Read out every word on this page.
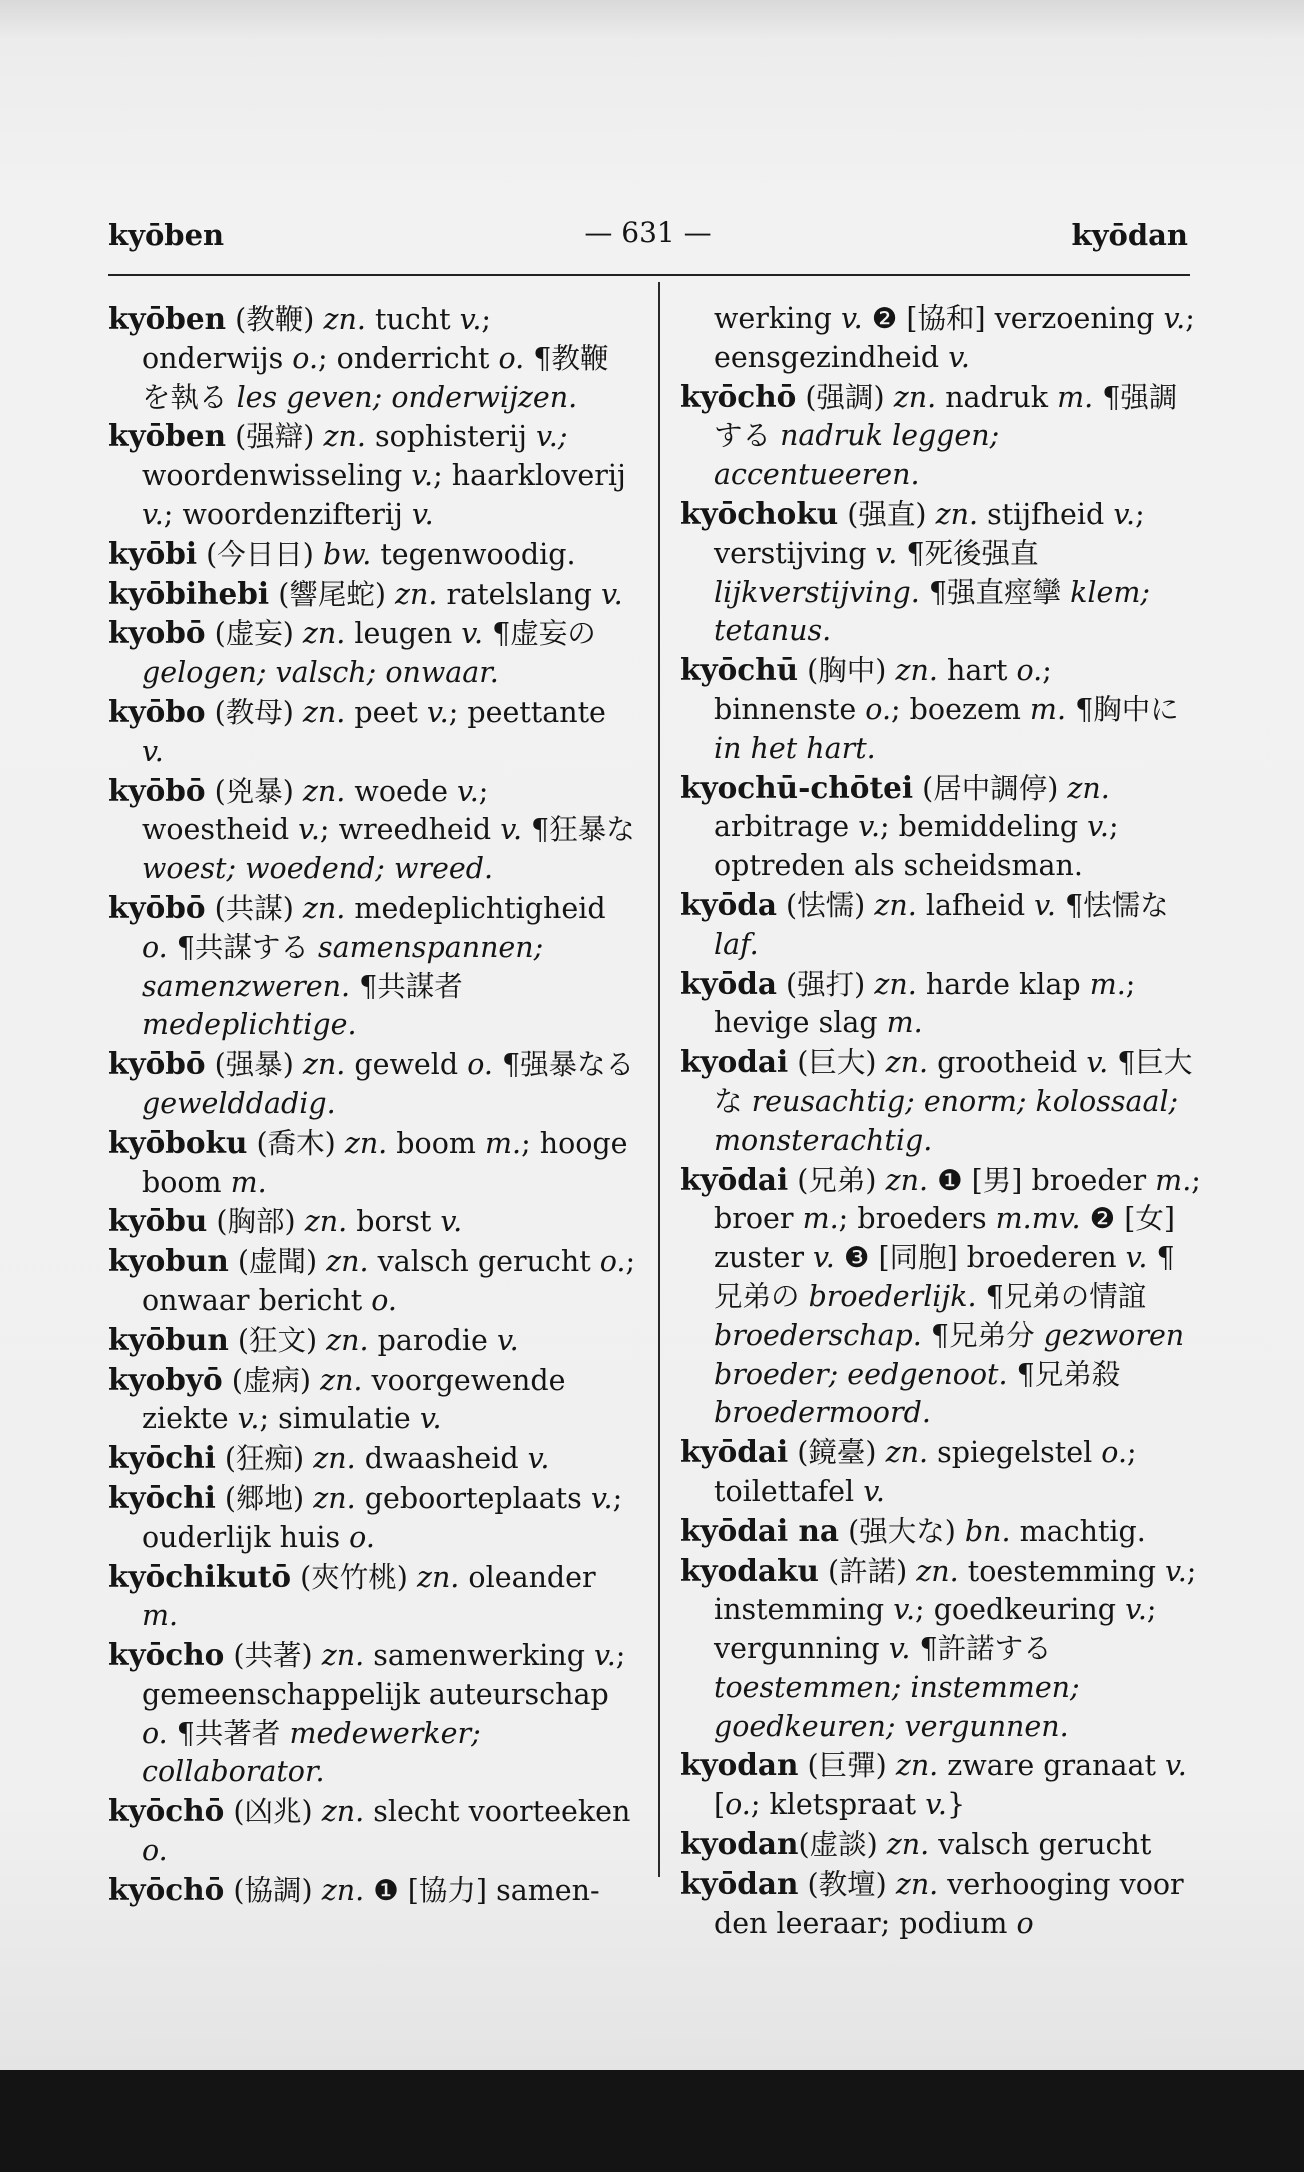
kyōben	— 631 —	kyōdan

kyōben (教鞭) zn. tucht v.; onderwijs o.; onderricht o. ¶教鞭を執る les geven; onderwijzen.

kyōben (强辯) zn. sophisterij v.; woordenwisseling v.; haarkloverij v.; woordenzifterij v.

kyōbi (今日日) bw. tegenwoodig.

kyōbihebi (響尾蛇) zn. ratelslang v.

kyobō (虚妄) zn. leugen v. ¶虚妄の gelogen; valsch; onwaar.

kyōbo (教母) zn. peet v.; peettante v.

kyōbō (兇暴) zn. woede v.; woestheid v.; wreedheid v. ¶狂暴な woest; woedend; wreed.

kyōbō (共謀) zn. medeplichtigheid o. ¶共謀する samenspannen; samenzweren. ¶共謀者 medeplichtige.

kyōbō (强暴) zn. geweld o. ¶强暴なる gewelddadig.

kyōboku (喬木) zn. boom m.; hooge boom m.

kyōbu (胸部) zn. borst v.

kyobun (虚聞) zn. valsch gerucht o.; onwaar bericht o.

kyōbun (狂文) zn. parodie v.

kyobyō (虚病) zn. voorgewende ziekte v.; simulatie v.

kyōchi (狂痴) zn. dwaasheid v.

kyōchi (郷地) zn. geboorteplaats v.; ouderlijk huis o.

kyōchikutō (夾竹桃) zn. oleander m.

kyōcho (共著) zn. samenwerking v.; gemeenschappelijk auteurschap o. ¶共著者 medewerker; collaborator.

kyōchō (凶兆) zn. slecht voorteeken o.

kyōchō (協調) zn. ❶ [協力] samen-

werking v. ❷ [協和] verzoening v.; eensgezindheid v.

kyōchō (强調) zn. nadruk m. ¶强調する nadruk leggen; accentueeren.

kyōchoku (强直) zn. stijfheid v.; verstijving v. ¶死後强直 lijkverstijving. ¶强直痙攣 klem; tetanus.

kyōchū (胸中) zn. hart o.; binnenste o.; boezem m. ¶胸中に in het hart.

kyochū-chōtei (居中調停) zn. arbitrage v.; bemiddeling v.; optreden als scheidsman.

kyōda (怯懦) zn. lafheid v. ¶怯懦な laf.

kyōda (强打) zn. harde klap m.; hevige slag m.

kyodai (巨大) zn. grootheid v. ¶巨大な reusachtig; enorm; kolossaal; monsterachtig.

kyōdai (兄弟) zn. ❶ [男] broeder m.; broer m.; broeders m.mv. ❷ [女] zuster v. ❸ [同胞] broederen v. ¶兄弟の broederlijk. ¶兄弟の情誼 broederschap. ¶兄弟分 gezworen broeder; eedgenoot. ¶兄弟殺 broedermoord.

kyōdai (鏡臺) zn. spiegelstel o.; toilettafel v.

kyōdai na (强大な) bn. machtig.

kyodaku (許諾) zn. toestemming v.; instemming v.; goedkeuring v.; vergunning v. ¶許諾する toestemmen; instemmen; goedkeuren; vergunnen.

kyodan (巨彈) zn. zware granaat v. [o.; kletspraat v.}

kyodan(虚談) zn. valsch gerucht

kyōdan (教壇) zn. verhooging voor den leeraar; podium o
